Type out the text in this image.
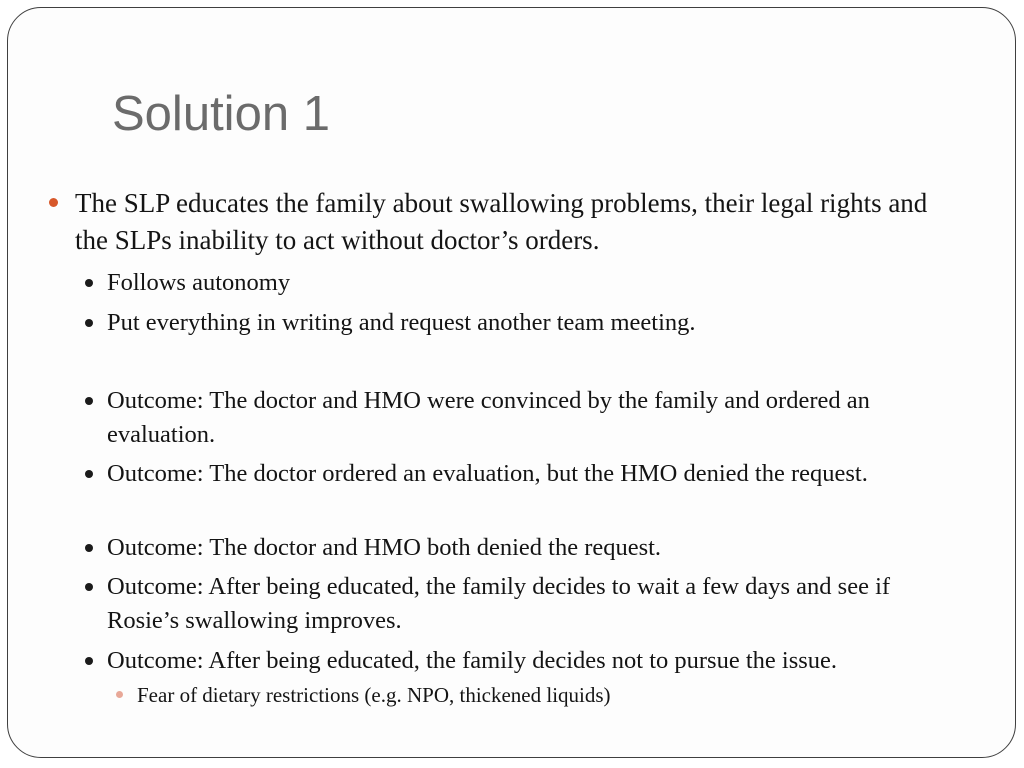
Solution 1
The SLP educates the family about swallowing problems, their legal rights and the SLPs inability to act without doctor’s orders.
Follows autonomy
Put everything in writing and request another team meeting.
Outcome: The doctor and HMO were convinced by the family and ordered an evaluation.
Outcome: The doctor ordered an evaluation, but the HMO denied the request.
Outcome: The doctor and HMO both denied the request.
Outcome: After being educated, the family decides to wait a few days and see if Rosie’s swallowing improves.
Outcome: After being educated, the family decides not to pursue the issue.
Fear of dietary restrictions (e.g. NPO, thickened liquids)
